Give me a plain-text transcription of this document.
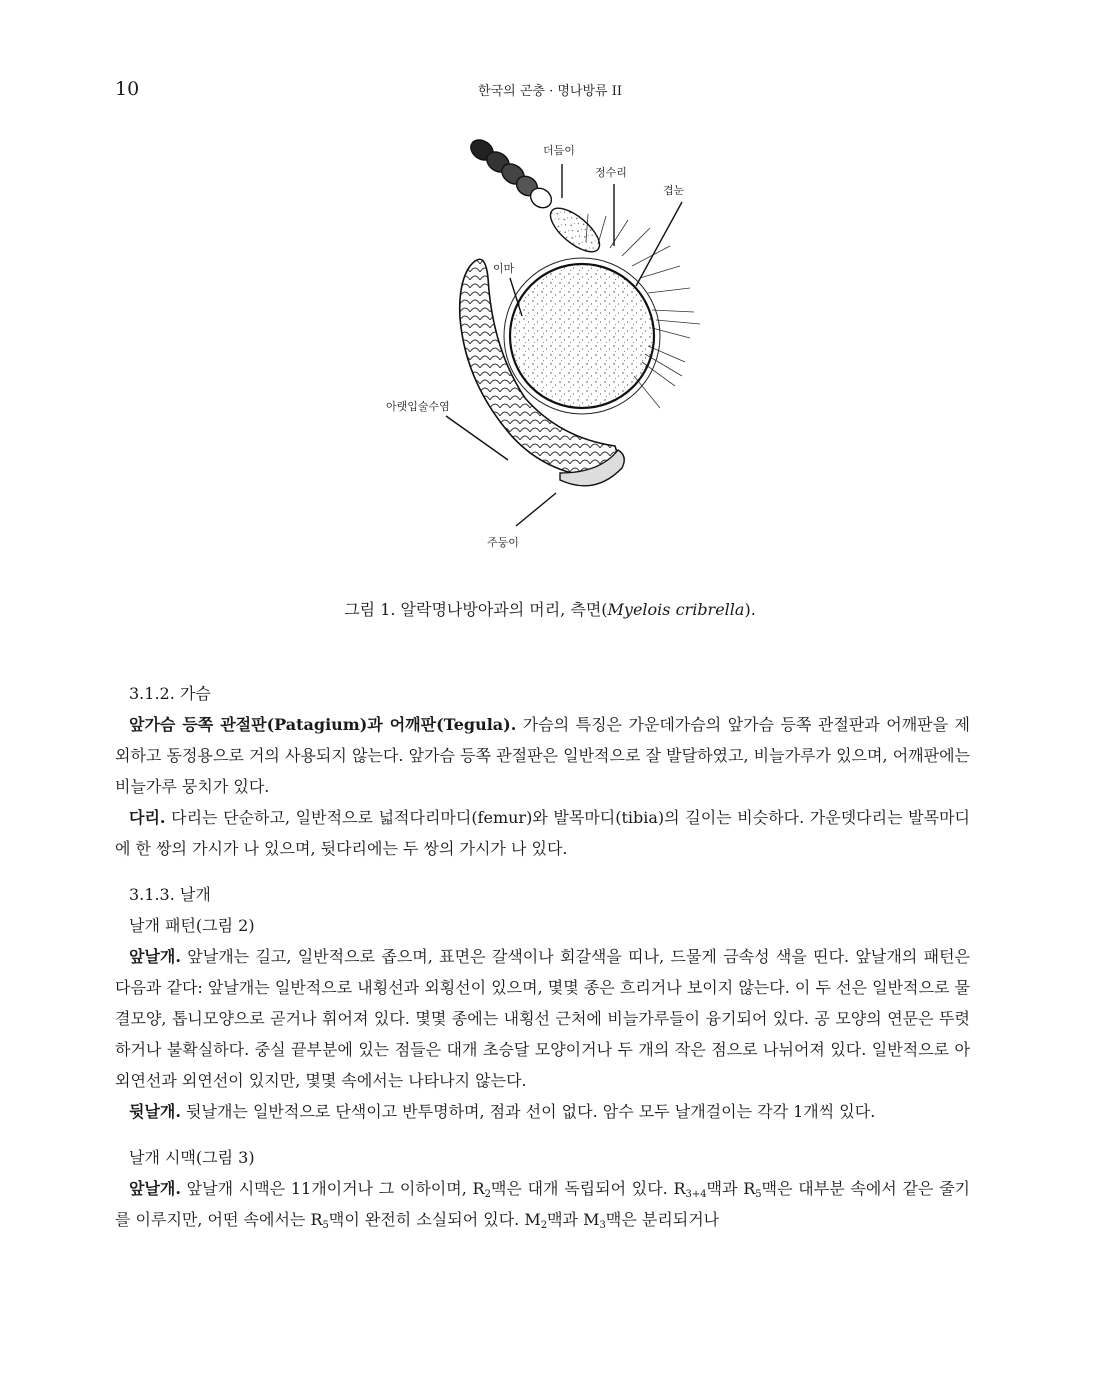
10	한국의 곤충 · 명나방류 II
더듬이
정수리
겹눈
이마
아랫입술수염
주둥이
그림 1. 알락명나방아과의 머리, 측면(Myelois cribrella).
3.1.2. 가슴
앞가슴 등쪽 관절판(Patagium)과 어깨판(Tegula). 가슴의 특징은 가운데가슴의 앞가슴 등쪽 관절판과 어깨판을 제외하고 동정용으로 거의 사용되지 않는다. 앞가슴 등쪽 관절판은 일반적으로 잘 발달하였고, 비늘가루가 있으며, 어깨판에는 비늘가루 뭉치가 있다.
다리. 다리는 단순하고, 일반적으로 넓적다리마디(femur)와 발목마디(tibia)의 길이는 비슷하다. 가운뎃다리는 발목마디에 한 쌍의 가시가 나 있으며, 뒷다리에는 두 쌍의 가시가 나 있다.
3.1.3. 날개
날개 패턴(그림 2)
앞날개. 앞날개는 길고, 일반적으로 좁으며, 표면은 갈색이나 회갈색을 띠나, 드물게 금속성 색을 띤다. 앞날개의 패턴은 다음과 같다: 앞날개는 일반적으로 내횡선과 외횡선이 있으며, 몇몇 종은 흐리거나 보이지 않는다. 이 두 선은 일반적으로 물결모양, 톱니모양으로 곧거나 휘어져 있다. 몇몇 종에는 내횡선 근처에 비늘가루들이 융기되어 있다. 공 모양의 연문은 뚜렷하거나 불확실하다. 중실 끝부분에 있는 점들은 대개 초승달 모양이거나 두 개의 작은 점으로 나뉘어져 있다. 일반적으로 아외연선과 외연선이 있지만, 몇몇 속에서는 나타나지 않는다.
뒷날개. 뒷날개는 일반적으로 단색이고 반투명하며, 점과 선이 없다. 암수 모두 날개걸이는 각각 1개씩 있다.
날개 시맥(그림 3)
앞날개. 앞날개 시맥은 11개이거나 그 이하이며, $R_2$맥은 대개 독립되어 있다. $R_{3+4}$맥과 $R_5$맥은 대부분 속에서 같은 줄기를 이루지만, 어떤 속에서는 $R_5$맥이 완전히 소실되어 있다. $M_2$맥과 $M_3$맥은 분리되거나
